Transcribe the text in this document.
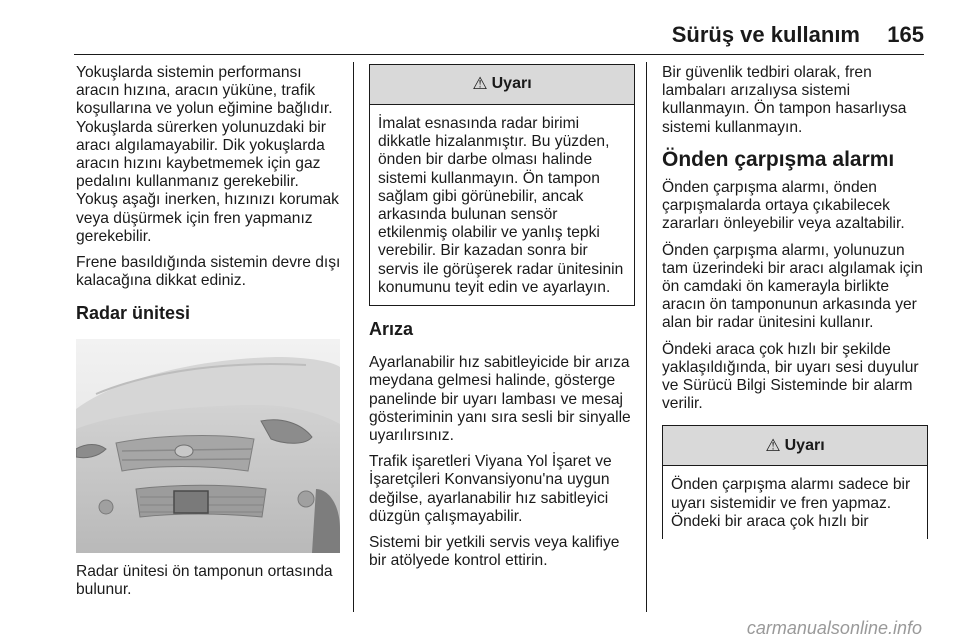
Sürüş ve kullanım 165

Yokuşlarda sistemin performansı aracın hızına, aracın yüküne, trafik koşullarına ve yolun eğimine bağlıdır. Yokuşlarda sürerken yolunuzdaki bir aracı algılamayabilir. Dik yokuşlarda aracın hızını kaybetmemek için gaz pedalını kullanmanız gerekebilir. Yokuş aşağı inerken, hızınızı korumak veya düşürmek için fren yapmanız gerekebilir.

Frene basıldığında sistemin devre dışı kalacağına dikkat ediniz.

Radar ünitesi

Radar ünitesi ön tamponun ortasında bulunur.

⚠ Uyarı

İmalat esnasında radar birimi dikkatle hizalanmıştır. Bu yüzden, önden bir darbe olması halinde sistemi kullanmayın. Ön tampon sağlam gibi görünebilir, ancak arkasında bulunan sensör etkilenmiş olabilir ve yanlış tepki verebilir. Bir kazadan sonra bir servis ile görüşerek radar ünitesinin konumunu teyit edin ve ayarlayın.

Arıza

Ayarlanabilir hız sabitleyicide bir arıza meydana gelmesi halinde, gösterge panelinde bir uyarı lambası ve mesaj gösteriminin yanı sıra sesli bir sinyalle uyarılırsınız.

Trafik işaretleri Viyana Yol İşaret ve İşaretçileri Konvansiyonu'na uygun değilse, ayarlanabilir hız sabitleyici düzgün çalışmayabilir.

Sistemi bir yetkili servis veya kalifiye bir atölyede kontrol ettirin.

Bir güvenlik tedbiri olarak, fren lambaları arızalıysa sistemi kullanmayın. Ön tampon hasarlıysa sistemi kullanmayın.

Önden çarpışma alarmı

Önden çarpışma alarmı, önden çarpışmalarda ortaya çıkabilecek zararları önleyebilir veya azaltabilir.

Önden çarpışma alarmı, yolunuzun tam üzerindeki bir aracı algılamak için ön camdaki ön kamerayla birlikte aracın ön tamponunun arkasında yer alan bir radar ünitesini kullanır.

Öndeki araca çok hızlı bir şekilde yaklaşıldığında, bir uyarı sesi duyulur ve Sürücü Bilgi Sisteminde bir alarm verilir.

⚠ Uyarı

Önden çarpışma alarmı sadece bir uyarı sistemidir ve fren yapmaz. Öndeki bir araca çok hızlı bir

carmanualsonline.info
